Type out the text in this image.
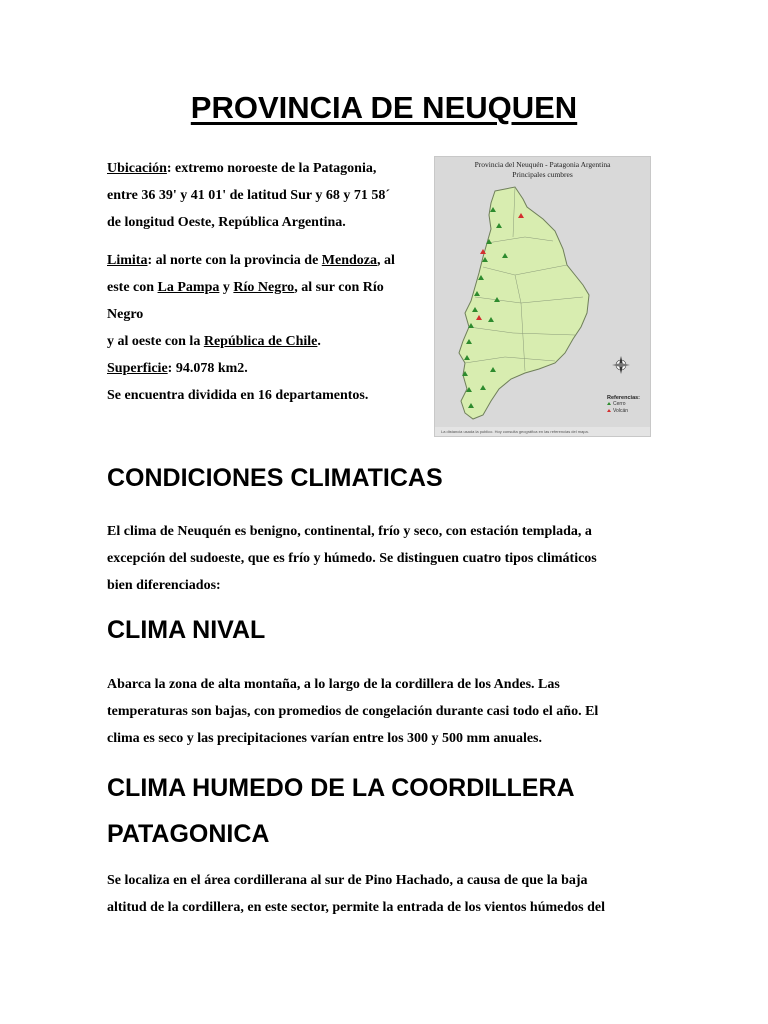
PROVINCIA DE NEUQUEN
Ubicación: extremo noroeste de la Patagonia,
entre 36 39' y 41 01' de latitud Sur y 68 y 71 58´
de longitud Oeste, República Argentina.
Limita: al norte con la provincia de Mendoza, al
este con La Pampa y Río Negro, al sur con Río
Negro
y al oeste con la República de Chile.
Superficie: 94.078 km2.
Se encuentra dividida en 16 departamentos.
Provincia del Neuquén - Patagonia Argentina
Principales cumbres
Referencias:
Cerro
Volcán
La distancia usada la publico. Hoy consulta geográfica en las referencias del mapa.
CONDICIONES CLIMATICAS
El clima de Neuquén es benigno, continental, frío y seco, con estación templada, a
excepción del sudoeste, que es frío y húmedo. Se distinguen cuatro tipos climáticos
bien diferenciados:
CLIMA NIVAL
Abarca la zona de alta montaña, a lo largo de la cordillera de los Andes. Las
temperaturas son bajas, con promedios de congelación durante casi todo el año. El
clima es seco y las precipitaciones varían entre los 300 y 500 mm anuales.
CLIMA HUMEDO DE LA COORDILLERA
PATAGONICA
Se localiza en el área cordillerana al sur de Pino Hachado, a causa de que la baja
altitud de la cordillera, en este sector, permite la entrada de los vientos húmedos del
